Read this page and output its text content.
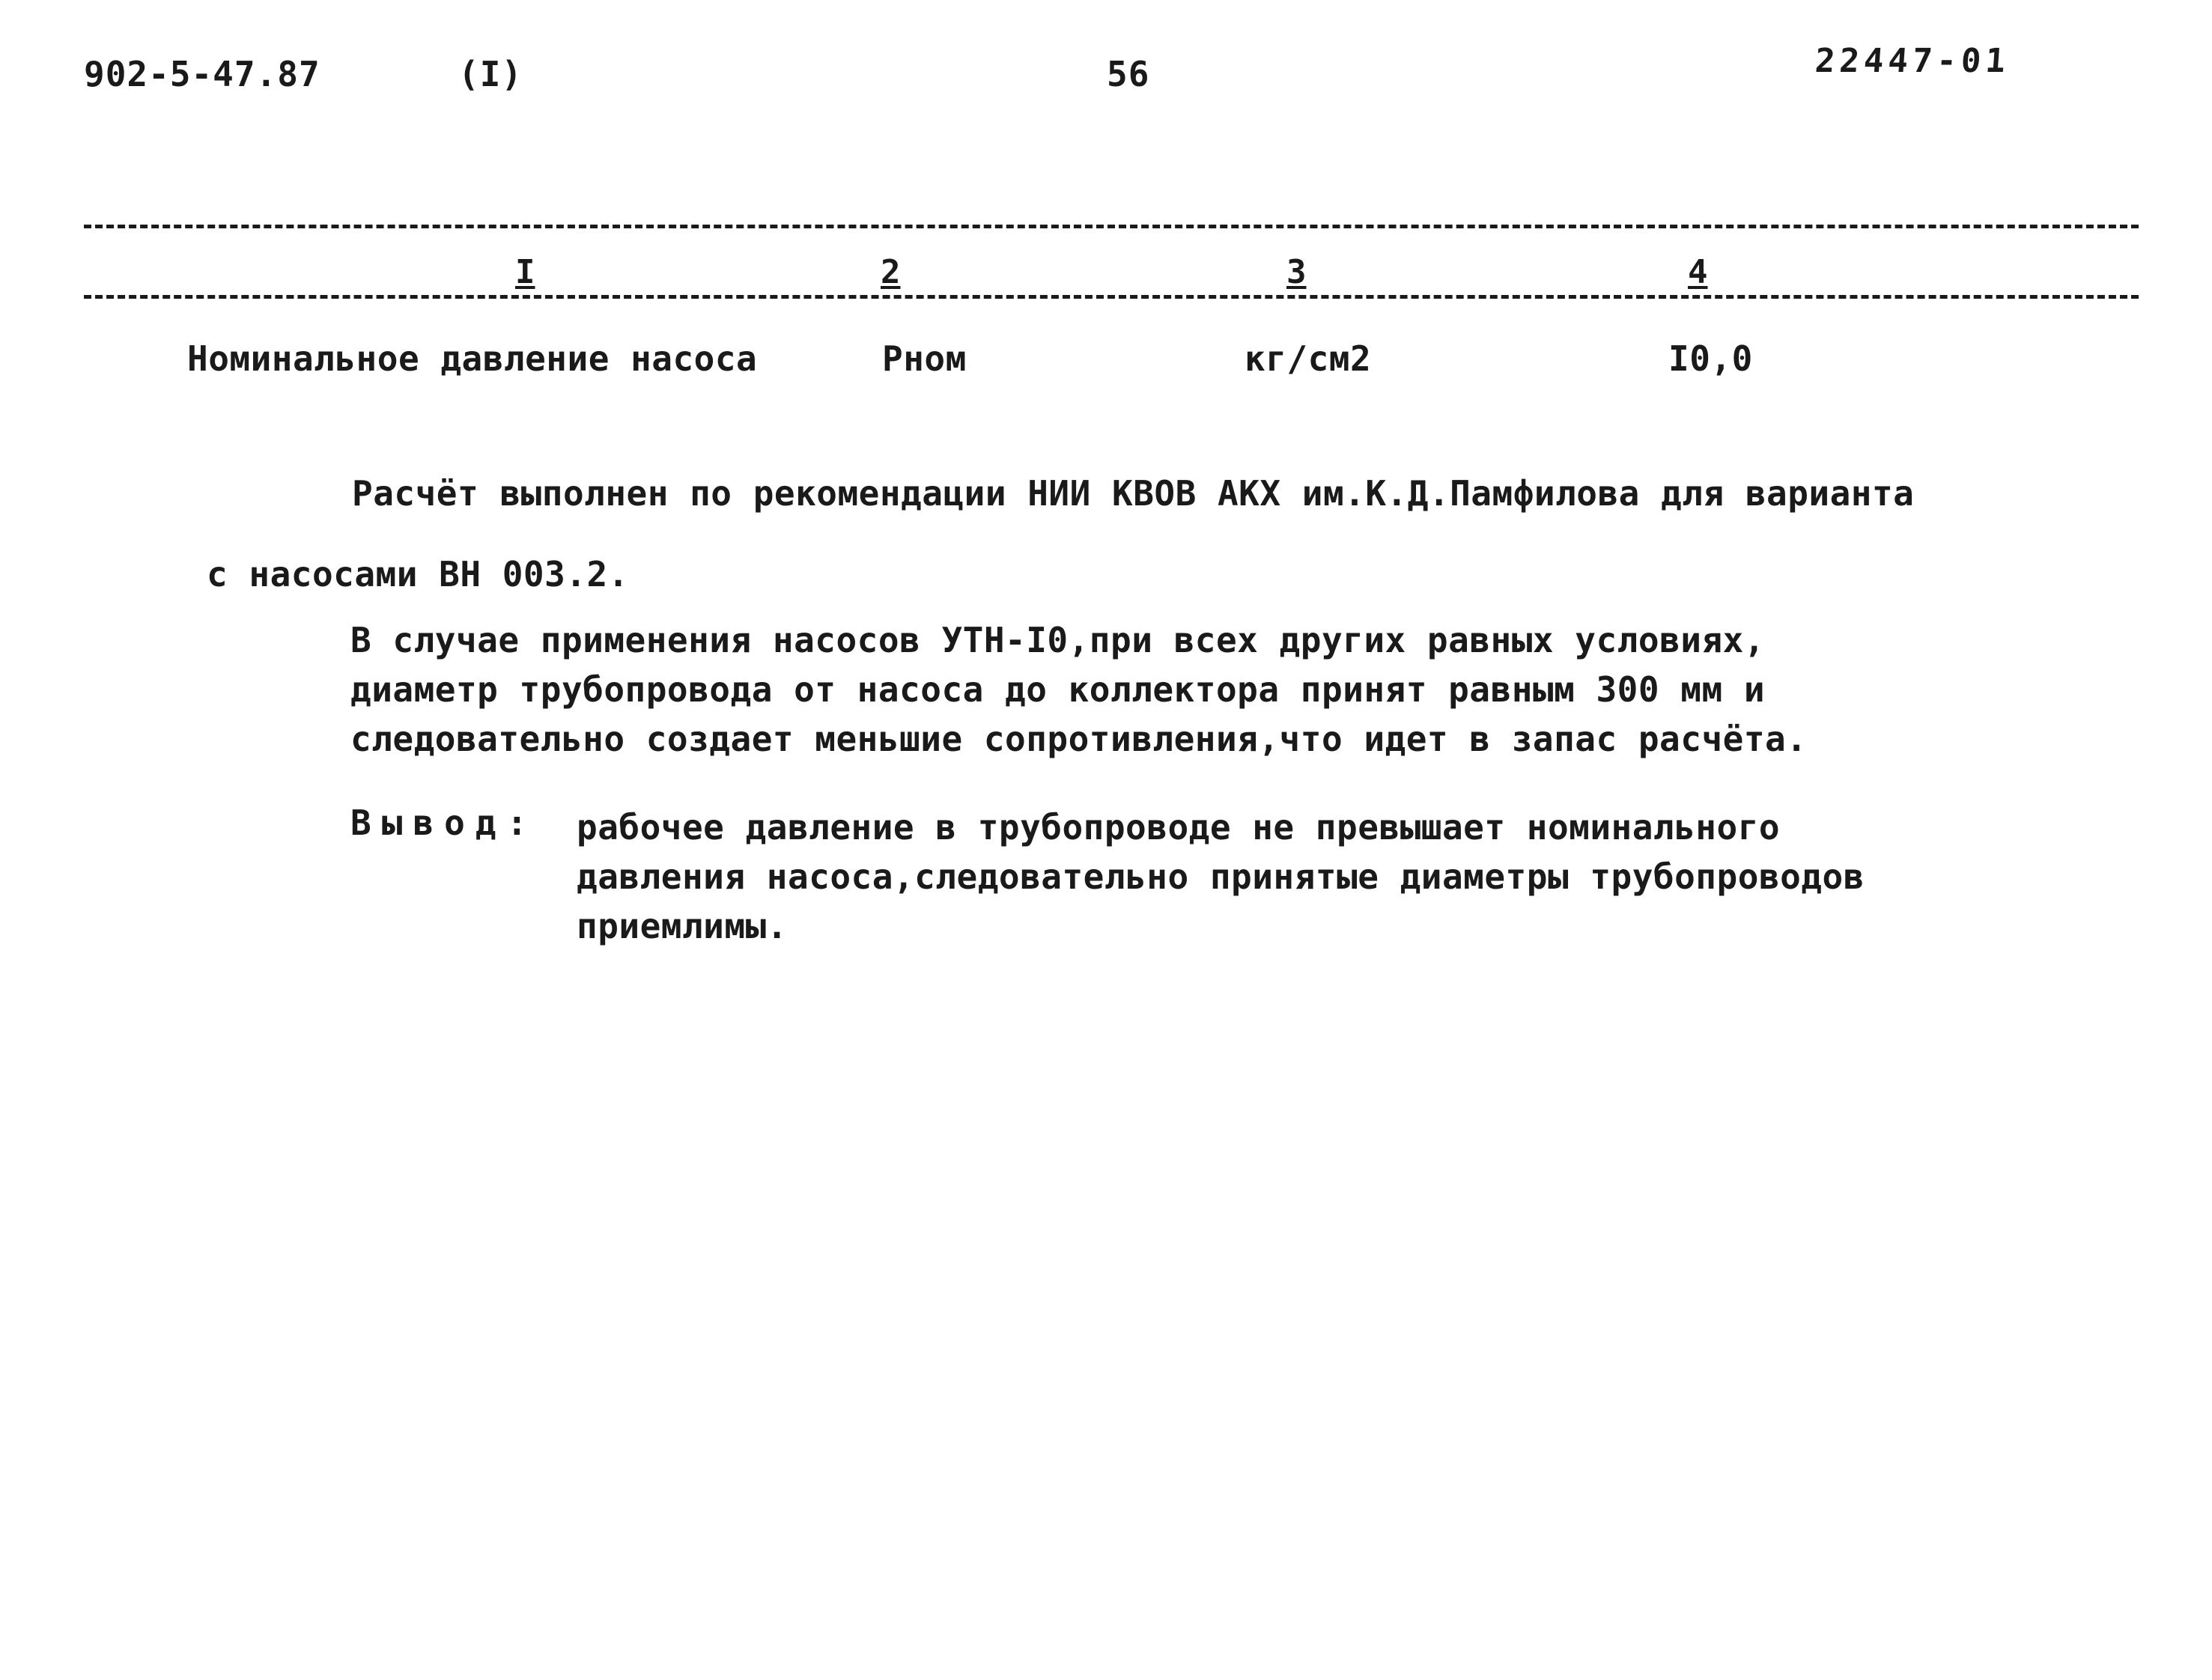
902-5-47.87	(I)	56	22447-01
I	2	3	4
Номинальное давление насоса	Рном	кг/см2	I0,0
Расчёт выполнен по рекомендации НИИ КВОВ АКХ им.К.Д.Памфилова для варианта
с насосами ВН 003.2.
В случае применения насосов УТН-I0,при всех других равных условиях,
диаметр трубопровода от насоса до коллектора принят равным 300 мм и
следовательно создает меньшие сопротивления,что идет в запас расчёта.
Вывод: рабочее давление в трубопроводе не превышает номинального
давления насоса,следовательно принятые диаметры трубопроводов
приемлимы.
